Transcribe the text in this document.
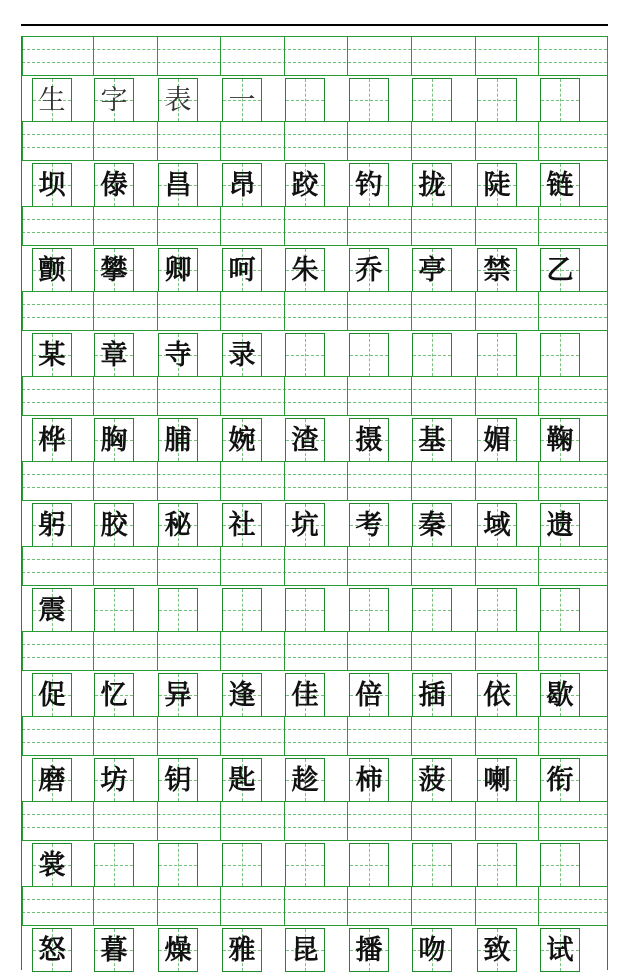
生 字 表 一
坝 傣 昌 昂 跤 钓 拢 陡 链
颤 攀 卿 呵 朱 乔 亭 禁 乙
某 章 寺 录
桦 胸 脯 婉 渣 摄 基 媚 鞠
躬 胶 秘 社 坑 考 秦 域 遗
震
促 忆 异 逢 佳 倍 插 依 歇
磨 坊 钥 匙 趁 柿 菠 喇 衔
裳
怒 暮 燥 雅 昆 播 吻 致 试
